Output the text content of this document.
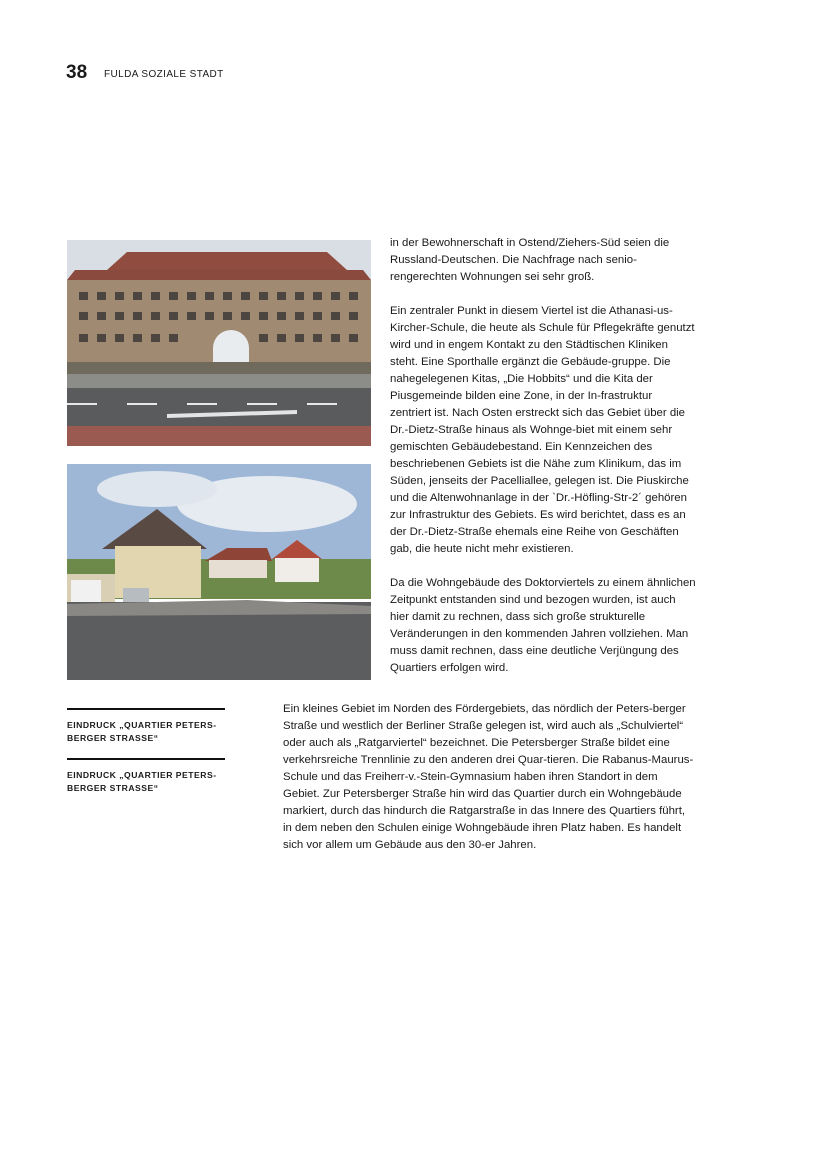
38 FULDA SOZIALE STADT

in der Bewohnerschaft in Ostend/Ziehers-Süd seien die Russland-Deutschen. Die Nachfrage nach senio-rengerechten Wohnungen sei sehr groß.

Ein zentraler Punkt in diesem Viertel ist die Athanasi-us-Kircher-Schule, die heute als Schule für Pflegekräfte genutzt wird und in engem Kontakt zu den Städtischen Kliniken steht. Eine Sporthalle ergänzt die Gebäude-gruppe. Die nahegelegenen Kitas, „Die Hobbits“ und die Kita der Piusgemeinde bilden eine Zone, in der In-frastruktur zentriert ist. Nach Osten erstreckt sich das Gebiet über die Dr.-Dietz-Straße hinaus als Wohnge-biet mit einem sehr gemischten Gebäudebestand. Ein Kennzeichen des beschriebenen Gebiets ist die Nähe zum Klinikum, das im Süden, jenseits der Pacelliallee, gelegen ist. Die Piuskirche und die Altenwohnanlage in der `Dr.-Höfling-Str-2´ gehören zur Infrastruktur des Gebiets. Es wird berichtet, dass es an der Dr.-Dietz-Straße ehemals eine Reihe von Geschäften gab, die heute nicht mehr existieren.

Da die Wohngebäude des Doktorviertels zu einem ähnlichen Zeitpunkt entstanden sind und bezogen wurden, ist auch hier damit zu rechnen, dass sich große strukturelle Veränderungen in den kommenden Jahren vollziehen. Man muss damit rechnen, dass eine deutliche Verjüngung des Quartiers erfolgen wird.

EINDRUCK „QUARTIER PETERS-BERGER STRASSE“
EINDRUCK „QUARTIER PETERS-BERGER STRASSE“

Ein kleines Gebiet im Norden des Fördergebiets, das nördlich der Peters-berger Straße und westlich der Berliner Straße gelegen ist, wird auch als „Schulviertel“ oder auch als „Ratgarviertel“ bezeichnet. Die Petersberger Straße bildet eine verkehrsreiche Trennlinie zu den anderen drei Quar-tieren. Die Rabanus-Maurus-Schule und das Freiherr-v.-Stein-Gymnasium haben ihren Standort in dem Gebiet. Zur Petersberger Straße hin wird das Quartier durch ein Wohngebäude markiert, durch das hindurch die Ratgarstraße in das Innere des Quartiers führt, in dem neben den Schulen einige Wohngebäude ihren Platz haben. Es handelt sich vor allem um Gebäude aus den 30-er Jahren.
